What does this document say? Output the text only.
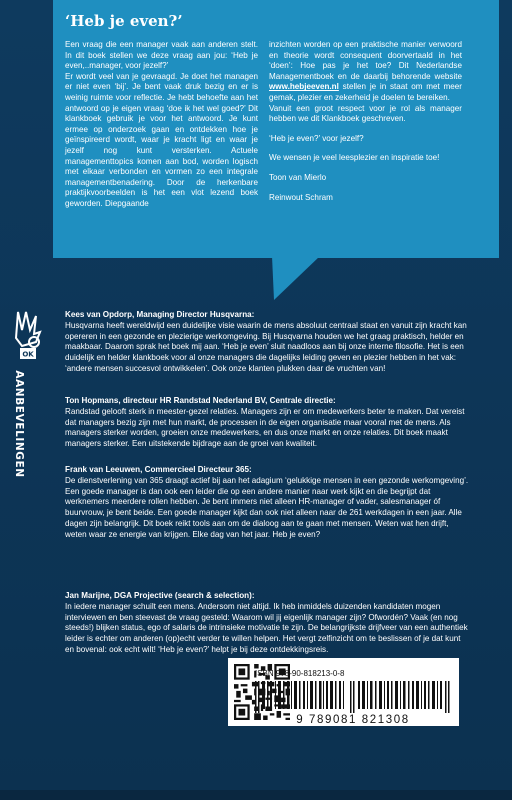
‘Heb je even?’

Een vraag die een manager vaak aan anderen stelt. In dit boek stellen we deze vraag aan jou: ‘Heb je even,..manager, voor jezelf?’

Er wordt veel van je gevraagd. Je doet het managen er niet even ‘bij’. Je bent vaak druk bezig en er is weinig ruimte voor reflectie. Je hebt behoefte aan het antwoord op je eigen vraag ‘doe ik het wel goed?’ Dit klankboek gebruik je voor het antwoord. Je kunt ermee op onderzoek gaan en ontdekken hoe je geïnspireerd wordt, waar je kracht ligt en waar je jezelf nog kunt versterken. Actuele managementtopics komen aan bod, worden logisch met elkaar verbonden en vormen zo een integrale managementbenadering. Door de herkenbare praktijkvoorbeelden is het een vlot lezend boek geworden. Diepgaande

inzichten worden op een praktische manier verwoord en theorie wordt consequent doorvertaald in het ‘doen’: Hoe pas je het toe? Dit Nederlandse Managementboek en de daarbij behorende website www.hebjeeven.nl stellen je in staat om met meer gemak, plezier en zekerheid je doelen te bereiken.

Vanuit een groot respect voor je rol als manager hebben we dit Klankboek geschreven.

‘Heb je even?’ voor jezelf?

We wensen je veel leesplezier en inspiratie toe!

Toon van Mierlo

Reinwout Schram

OK
AANBEVELINGEN
Kees van Opdorp, Managing Director Husqvarna:
Husqvarna heeft wereldwijd een duidelijke visie waarin de mens absoluut centraal staat en vanuit zijn kracht kan opereren in een gezonde en plezierige werkomgeving. Bij Husqvarna houden we het graag praktisch, helder en maakbaar. Daarom sprak het boek mij aan. ‘Heb je even’ sluit naadloos aan bij onze interne filosofie. Het is een duidelijk en helder klankboek voor al onze managers die dagelijks leiding geven en plezier hebben in het vak: ‘andere mensen succesvol ontwikkelen’. Ook onze klanten plukken daar de vruchten van!
Ton Hopmans, directeur HR Randstad Nederland BV, Centrale directie:
Randstad gelooft sterk in meester-gezel relaties. Managers zijn er om medewerkers beter te maken. Dat vereist dat managers bezig zijn met hun markt, de processen in de eigen organisatie maar vooral met de mens. Als managers sterker worden, groeien onze medewerkers, en dus onze markt en onze relaties. Dit boek maakt managers sterker. Een uitstekende bijdrage aan de groei van kwaliteit.
Frank van Leeuwen, Commercieel Directeur 365:
De dienstverlening van 365 draagt actief bij aan het adagium ‘gelukkige mensen in een gezonde werkomgeving’. Een goede manager is dan ook een leider die op een andere manier naar werk kijkt en die begrijpt dat werknemers meerdere rollen hebben. Je bent immers niet alleen HR-manager of vader, salesmanager óf buurvrouw, je bent beide. Een goede manager kijkt dan ook niet alleen naar de 261 werkdagen in een jaar. Alle dagen zijn belangrijk. Dit boek reikt tools aan om de dialoog aan te gaan met mensen. Weten wat hen drijft, weten waar ze energie van krijgen. Elke dag van het jaar. Heb je even?
Jan Marijne, DGA Projective (search & selection):
In iedere manager schuilt een mens. Andersom niet altijd. Ik heb inmiddels duizenden kandidaten mogen interviewen en ben steevast de vraag gesteld: Waarom wil jij eigenlijk manager zijn? Ofwordén? Vaak (en nog steeds!) blijken status, ego of salaris de intrinsieke motivatie te zijn. De belangrijkste drijfveer van een authentiek leider is echter om anderen (op)echt verder te willen helpen. Het vergt zelfinzicht om te beslissen of je dat kunt en bovenal: ook echt wilt! ‘Heb je even?’ helpt je bij deze ontdekkingsreis.
ISBN 978-90-818213-0-8
9 789081 821308
